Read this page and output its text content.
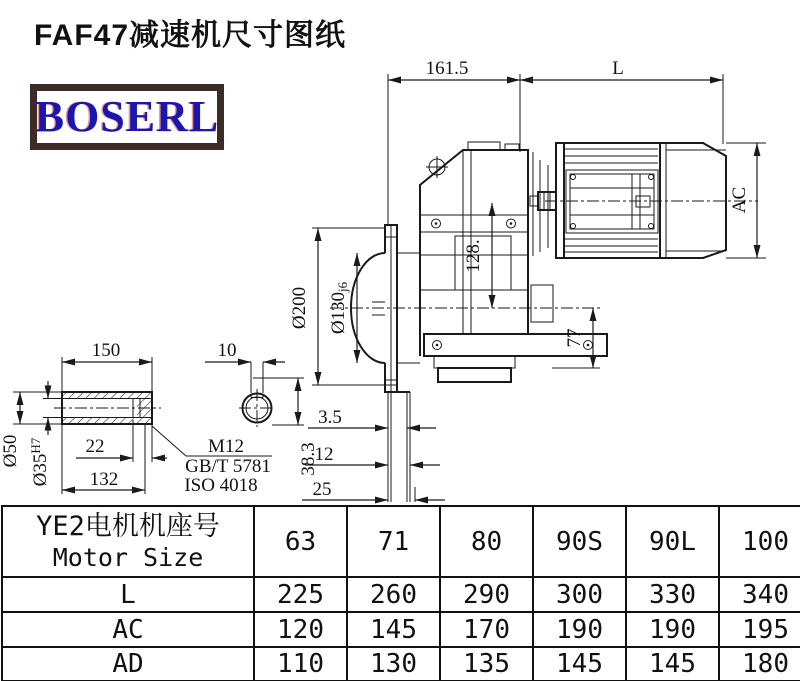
FAF47减速机尺寸图纸
BOSERL
161.5	L
AC
Ø200 Ø130j6
128.
77
150	10
Ø50
$Ø35^{H7}$	22
132
3.5
12
25
38.3
M12
GB/T 5781
ISO 4018
YE2电机机座号
Motor Size	63	71	80	90S	90L	100
L	225	260	290	300	330	340
AC	120	145	170	190	190	195
AD	110	130	135	145	145	180
